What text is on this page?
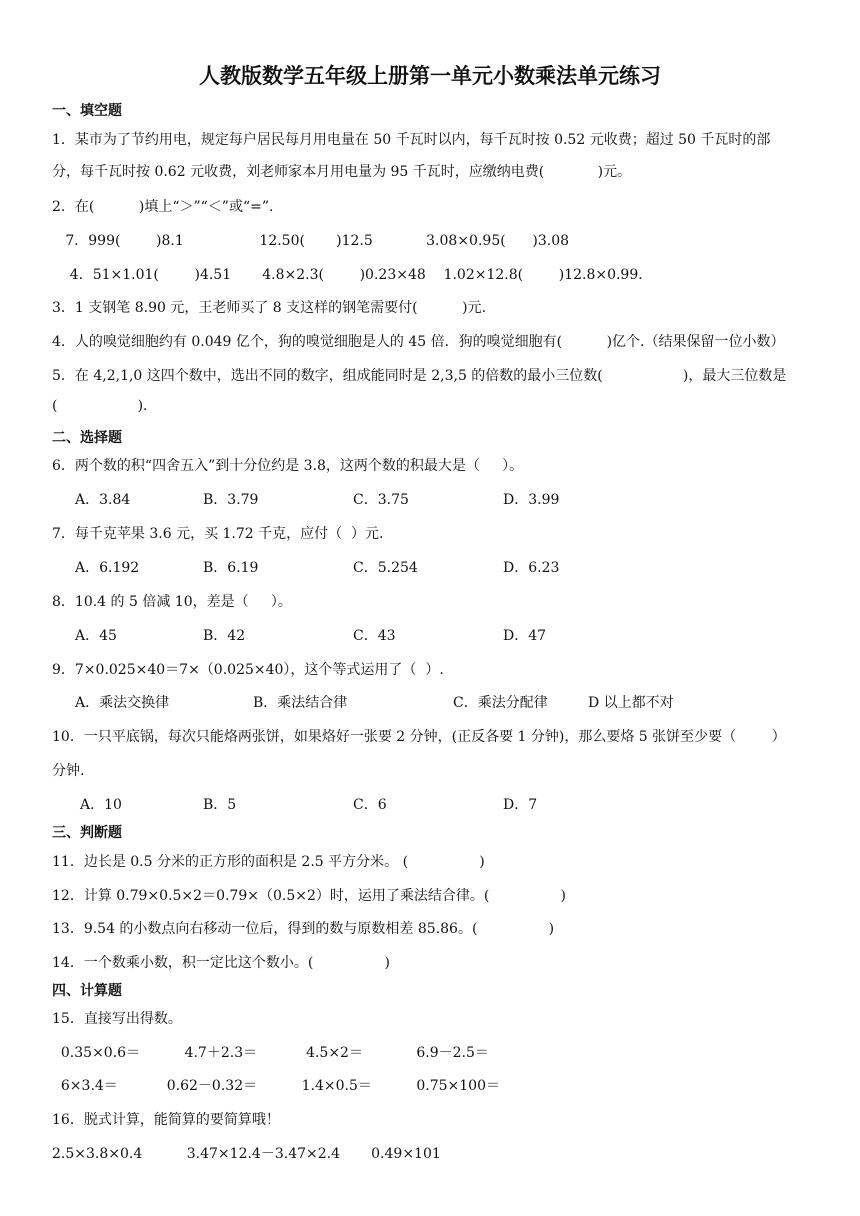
人教版数学五年级上册第一单元小数乘法单元练习
一、填空题
1．某市为了节约用电，规定每户居民每月用电量在 50 千瓦时以内，每千瓦时按 0.52 元收费；超过 50 千瓦时的部
分，每千瓦时按 0.62 元收费，刘老师家本月用电量为 95 千瓦时，应缴纳电费(            )元。
2．在(          )填上“＞”“＜”或“=”.
7．999(        )8.1                 12.50(       )12.5            3.08×0.95(      )3.08
4．51×1.01(        )4.51       4.8×2.3(        )0.23×48    1.02×12.8(        )12.8×0.99．
3．1 支钢笔 8.90 元，王老师买了 8 支这样的钢笔需要付(          )元.
4．人的嗅觉细胞约有 0.049 亿个，狗的嗅觉细胞是人的 45 倍．狗的嗅觉细胞有(          )亿个.（结果保留一位小数）
5．在 4,2,1,0 这四个数中，选出不同的数字，组成能同时是 2,3,5 的倍数的最小三位数(                  )，最大三位数是
(                  ).
二、选择题
6．两个数的积“四舍五入”到十分位约是 3.8，这两个数的积最大是（     ）。
A．3.84	B．3.79	C．3.75	D．3.99
7．每千克苹果 3.6 元，买 1.72 千克，应付（  ）元.
A．6.192	B．6.19	C．5.254	D．6.23
8．10.4 的 5 倍减 10，差是（     ）。
A．45	B．42	C．43	D．47
9．7×0.025×40＝7×（0.025×40），这个等式运用了（  ）.
A．乘法交换律	B．乘法结合律	C．乘法分配律	D 以上都不对
10．一只平底锅，每次只能烙两张饼，如果烙好一张要 2 分钟，(正反各要 1 分钟)，那么要烙 5 张饼至少要（        ）
分钟.
A．10	B．5	C．6	D．7
三、判断题
11．边长是 0.5 分米的正方形的面积是 2.5 平方分米。 (                )
12．计算 0.79×0.5×2＝0.79×（0.5×2）时，运用了乘法结合律。(                )
13．9.54 的小数点向右移动一位后，得到的数与原数相差 85.86。(                )
14．一个数乘小数，积一定比这个数小。(                )
四、计算题
15．直接写出得数。
0.35×0.6＝          4.7＋2.3＝           4.5×2＝            6.9－2.5＝
6×3.4＝           0.62－0.32＝          1.4×0.5＝          0.75×100＝
16．脱式计算，能简算的要简算哦！
2.5×3.8×0.4          3.47×12.4－3.47×2.4       0.49×101
